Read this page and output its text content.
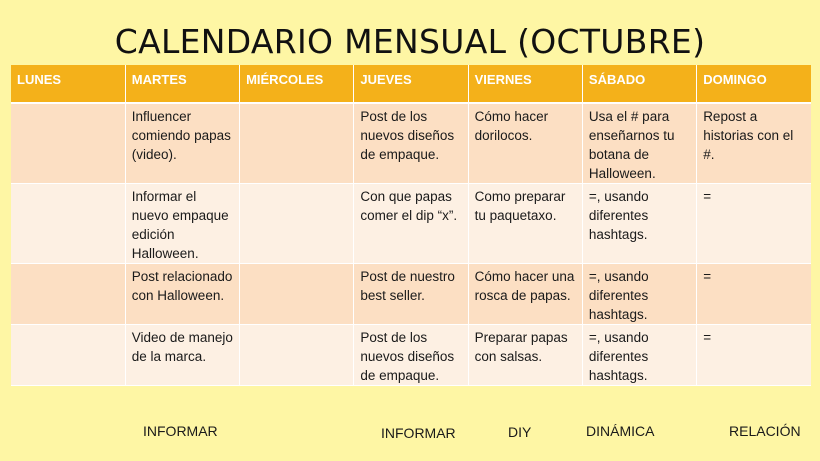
CALENDARIO MENSUAL (OCTUBRE)
LUNES	MARTES	MIÉRCOLES	JUEVES	VIERNES	SÁBADO	DOMINGO
	Influencer comiendo papas (video).		Post de los nuevos diseños de empaque.	Cómo hacer dorilocos.	Usa el # para enseñarnos tu botana de Halloween.	Repost a historias con el #.
	Informar el nuevo empaque edición Halloween.		Con que papas comer el dip “x”.	Como preparar tu paquetaxo.	=, usando diferentes hashtags.	=
	Post relacionado con Halloween.		Post de nuestro best seller.	Cómo hacer una rosca de papas.	=, usando diferentes hashtags.	=
	Video de manejo de la marca.		Post de los nuevos diseños de empaque.	Preparar papas con salsas.	=, usando diferentes hashtags.	=
INFORMAR	INFORMAR	DIY	DINÁMICA	RELACIÓN
